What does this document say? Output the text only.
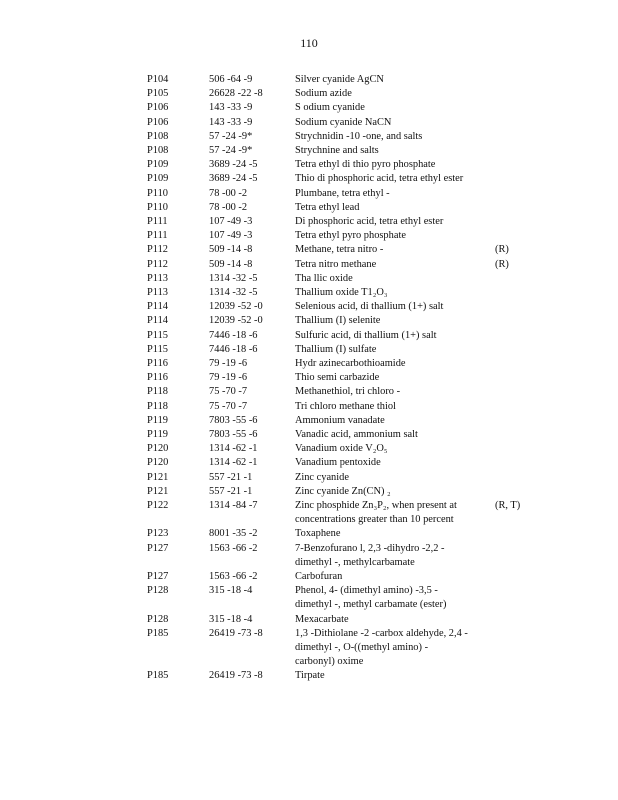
110
P104	506 -64 -9	Silver cyanide AgCN
P105	26628 -22 -8	Sodium azide
P106	143 -33 -9	S odium cyanide
P106	143 -33 -9	Sodium cyanide NaCN
P108	57 -24 -9*	Strychnidin -10 -one, and salts
P108	57 -24 -9*	Strychnine and salts
P109	3689 -24 -5	Tetra ethyl di thio pyro phosphate
P109	3689 -24 -5	Thio di phosphoric acid, tetra ethyl ester
P110	78 -00 -2	Plumbane, tetra ethyl -
P110	78 -00 -2	Tetra ethyl lead
P111	107 -49 -3	Di phosphoric acid, tetra ethyl ester
P111	107 -49 -3	Tetra ethyl pyro phosphate
P112	509 -14 -8	Methane, tetra nitro -	(R)
P112	509 -14 -8	Tetra nitro methane	(R)
P113	1314 -32 -5	Tha llic oxide
P113	1314 -32 -5	Thallium oxide T1₂O₃
P114	12039 -52 -0	Selenious acid, di thallium (1+) salt
P114	12039 -52 -0	Thallium (I) selenite
P115	7446 -18 -6	Sulfuric acid, di thallium (1+) salt
P115	7446 -18 -6	Thallium (I) sulfate
P116	79 -19 -6	Hydr azinecarbothioamide
P116	79 -19 -6	Thio semi carbazide
P118	75 -70 -7	Methanethiol, tri chloro -
P118	75 -70 -7	Tri chloro methane thiol
P119	7803 -55 -6	Ammonium vanadate
P119	7803 -55 -6	Vanadic acid, ammonium salt
P120	1314 -62 -1	Vanadium oxide V₂O₅
P120	1314 -62 -1	Vanadium pentoxide
P121	557 -21 -1	Zinc cyanide
P121	557 -21 -1	Zinc cyanide Zn(CN) ₂
P122	1314 -84 -7	Zinc phosphide Zn₃P₂, when present at
concentrations greater than 10 percent
(R, T)
P123	8001 -35 -2	Toxaphene
P127	1563 -66 -2	7-Benzofurano l, 2,3 -dihydro -2,2 -
dimethyl -, methylcarbamate
P127	1563 -66 -2	Carbofuran
P128	315 -18 -4	Phenol, 4- (dimethyl amino) -3,5 -
dimethyl -, methyl carbamate (ester)
P128	315 -18 -4	Mexacarbate
P185	26419 -73 -8	1,3 -Dithiolane -2 -carbox aldehyde, 2,4 -
dimethyl -, O-((methyl amino) -
carbonyl) oxime
P185	26419 -73 -8	Tirpate
